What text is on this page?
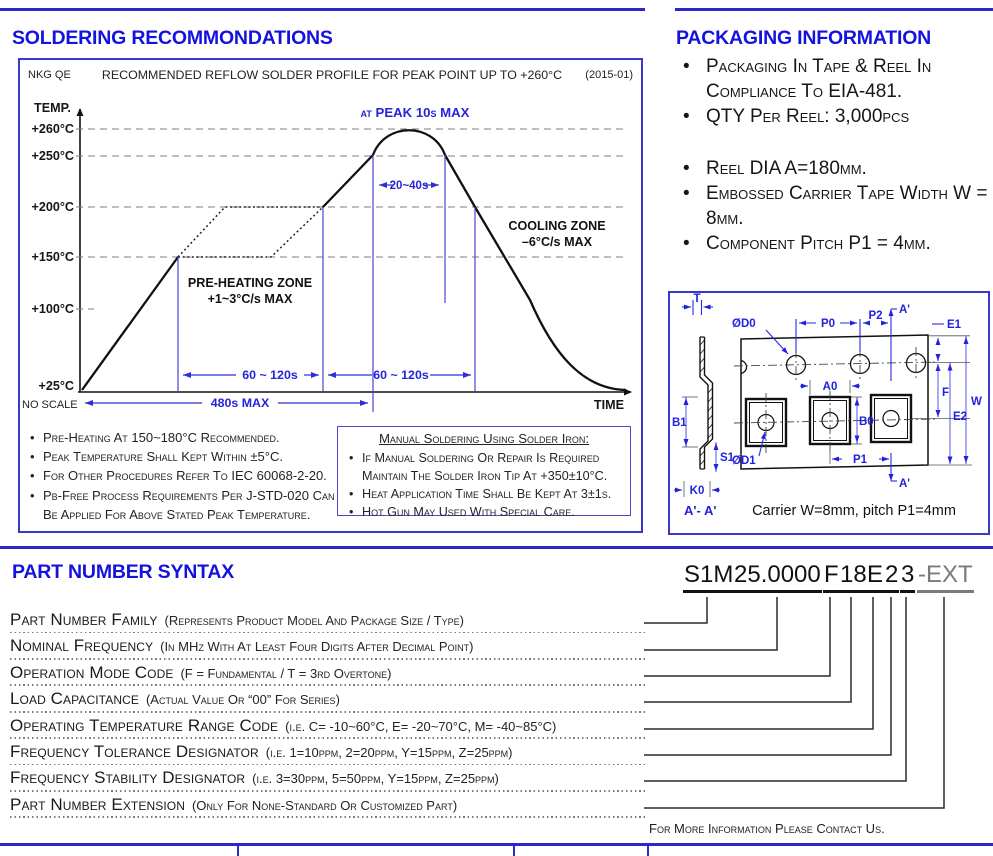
SOLDERING RECOMMONDATIONS	PACKAGING INFORMATION
NKG QE	RECOMMENDED REFLOW SOLDER PROFILE FOR PEAK POINT UP TO +260°C (2015-01)
TEMP.
TIME
NO SCALE
+260°C
+250°C
+200°C
+150°C
+100°C
+25°C
20~40s
60 ~ 120s	60 ~ 120s
480s MAX
at PEAK 10s MAX
PRE-HEATING ZONE
+1~3°C/s MAX
COOLING ZONE
–6°C/s MAX
• Pre-Heating At 150~180°C Recommended.
• Peak Temperature Shall Kept Within ±5°C.
• For Other Procedures Refer To IEC 60068-2-20.
• Pb-Free Process Requirements Per J-STD-020 Can Be Applied For Above Stated Peak Temperature.
Manual Soldering Using Solder Iron:
• If Manual Soldering Or Repair Is Required Maintain The Solder Iron Tip At +350±10°C.
• Heat Application Time Shall Be Kept At 3±1s.
• Hot Gun May Used With Special Care.
• Packaging In Tape & Reel In Compliance To EIA-481.
• QTY Per Reel: 3,000pcs
• Reel DIA A=180mm.
• Embossed Carrier Tape Width W = 8mm.
• Component Pitch P1 = 4mm.
T
ØD0	P0
P2 A'
E1
A0	F
W
B1	B0	E2
S1
ØD1	P1
K0
A'
A'- A' Carrier W=8mm, pitch P1=4mm
PART NUMBER SYNTAX	S1M 25.0000 F 18 E 2 3 -EXT
Part Number Family (Represents Product Model And Package Size / Type)
Nominal Frequency (In MHz With At Least Four Digits After Decimal Point)
Operation Mode Code (F = Fundamental / T = 3rd Overtone)
Load Capacitance (Actual Value Or “00” For Series)
Operating Temperature Range Code (i.e. C= -10~60°C, E= -20~70°C, M= -40~85°C)
Frequency Tolerance Designator (i.e. 1=10ppm, 2=20ppm, Y=15ppm, Z=25ppm)
Frequency Stability Designator (i.e. 3=30ppm, 5=50ppm, Y=15ppm, Z=25ppm)
Part Number Extension (Only For None-Standard Or Customized Part)
For More Information Please Contact Us.
